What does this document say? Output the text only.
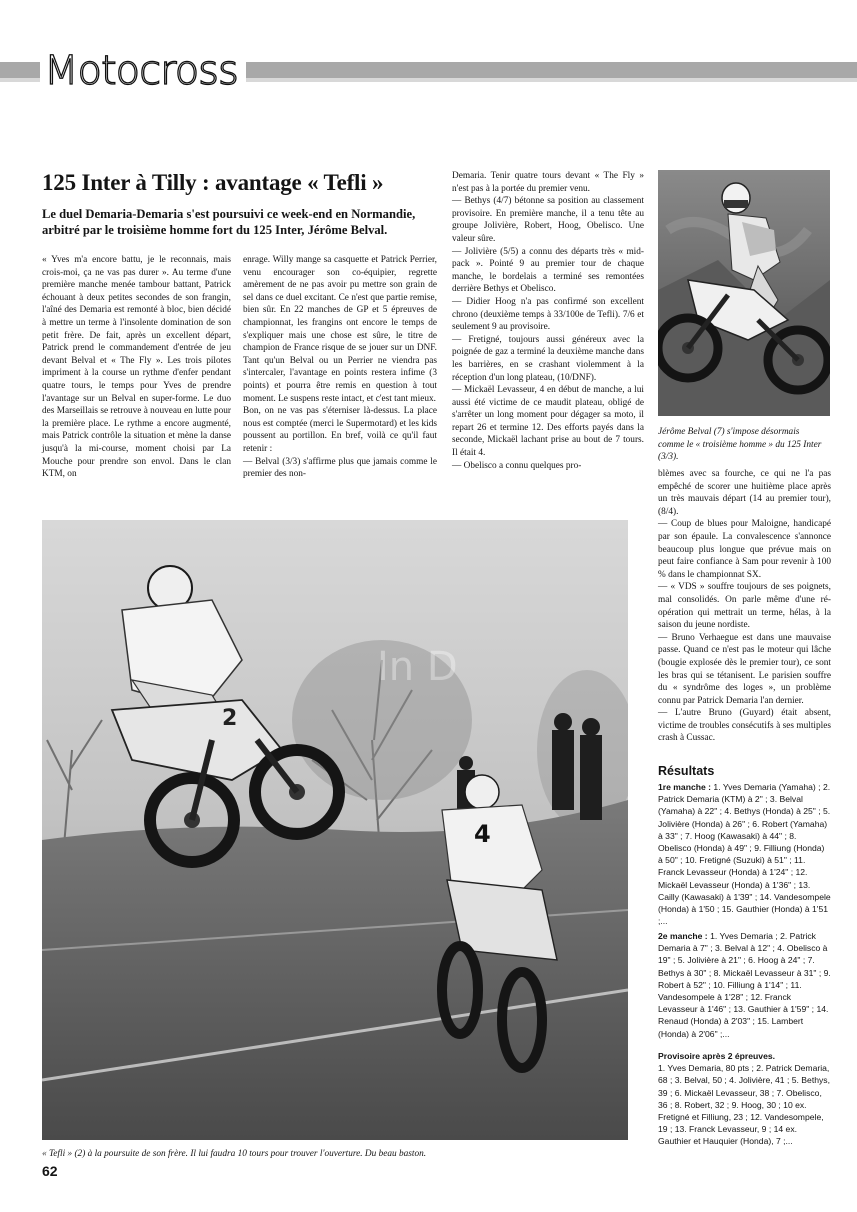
Motocross
125 Inter à Tilly : avantage « Tefli »
Le duel Demaria-Demaria s'est poursuivi ce week-end en Normandie, arbitré par le troisième homme fort du 125 Inter, Jérôme Belval.

« Yves m'a encore battu, je le reconnais, mais crois-moi, ça ne vas pas durer ». Au terme d'une première manche menée tambour battant, Patrick échouant à deux petites secondes de son frangin, l'aîné des Demaria est remonté à bloc, bien décidé à mettre un terme à l'insolente domination de son petit frère. De fait, après un excellent départ, Patrick prend le commandement d'entrée de jeu devant Belval et « The Fly ». Les trois pilotes impriment à la course un rythme d'enfer pendant quatre tours, le temps pour Yves de prendre l'avantage sur un Belval en super-forme. Le duo des Marseillais se retrouve à nouveau en lutte pour la première place. Le rythme a encore augmenté, mais Patrick contrôle la situation et mène la danse jusqu'à la mi-course, moment choisi par La Mouche pour prendre son envol. Dans le clan KTM, on

enrage. Willy mange sa casquette et Patrick Perrier, venu encourager son co-équipier, regrette amèrement de ne pas avoir pu mettre son grain de sel dans ce duel excitant. Ce n'est que partie remise, bien sûr. En 22 manches de GP et 5 épreuves de championnat, les frangins ont encore le temps de s'expliquer mais une chose est sûre, le titre de champion de France risque de se jouer sur un DNF. Tant qu'un Belval ou un Perrier ne viendra pas s'intercaler, l'avantage en points restera infime (3 points) et pourra être remis en question à tout moment. Le suspens reste intact, et c'est tant mieux.

Bon, on ne vas pas s'éterniser là-dessus. La place nous est comptée (merci le Supermotard) et les kids poussent au portillon. En bref, voilà ce qu'il faut retenir :

— Belval (3/3) s'affirme plus que jamais comme le premier des non-

Demaria. Tenir quatre tours devant « The Fly » n'est pas à la portée du premier venu.

— Bethys (4/7) bétonne sa position au classement provisoire. En première manche, il a tenu tête au groupe Jolivière, Robert, Hoog, Obelisco. Une valeur sûre.

— Jolivière (5/5) a connu des départs très « mid-pack ». Pointé 9 au premier tour de chaque manche, le bordelais a terminé ses remontées derrière Bethys et Obelisco.

— Didier Hoog n'a pas confirmé son excellent chrono (deuxième temps à 33/100e de Tefli). 7/6 et seulement 9 au provisoire.

— Fretigné, toujours aussi généreux avec la poignée de gaz a terminé la deuxième manche dans les barrières, en se crashant violemment à la réception d'un long plateau, (10/DNF).

— Mickaël Levasseur, 4 en début de manche, a lui aussi été victime de ce maudit plateau, obligé de s'arrêter un long moment pour dégager sa moto, il repart 26 et termine 12. Des efforts payés dans la seconde, Mickaël lachant prise au bout de 7 tours. Il était 4.

— Obelisco a connu quelques pro-

Jérôme Belval (7) s'impose désormais comme le « troisième homme » du 125 Inter (3/3).

blèmes avec sa fourche, ce qui ne l'a pas empêché de scorer une huitième place après un très mauvais départ (14 au premier tour), (8/4).

— Coup de blues pour Maloigne, handicapé par son épaule. La convalescence s'annonce beaucoup plus longue que prévue mais on peut faire confiance à Sam pour revenir à 100 % dans le championnat SX.

— « VDS » souffre toujours de ses poignets, mal consolidés. On parle même d'une ré-opération qui mettrait un terme, hélas, à la saison du jeune nordiste.

— Bruno Verhaegue est dans une mauvaise passe. Quand ce n'est pas le moteur qui lâche (bougie explosée dès le premier tour), ce sont les bras qui se tétanisent. Le parisien souffre du « syndrôme des loges », un problème connu par Patrick Demaria l'an dernier.

— L'autre Bruno (Guyard) était absent, victime de troubles consécutifs à ses multiples crash à Cussac.

Résultats
1re manche : 1. Yves Demaria (Yamaha) ; 2. Patrick Demaria (KTM) à 2" ; 3. Belval (Yamaha) à 22" ; 4. Bethys (Honda) à 25" ; 5. Jolivière (Honda) à 26" ; 6. Robert (Yamaha) à 33" ; 7. Hoog (Kawasaki) à 44" ; 8. Obelisco (Honda) à 49" ; 9. Filliung (Honda) à 50" ; 10. Fretigné (Suzuki) à 51" ; 11. Franck Levasseur (Honda) à 1'24" ; 12. Mickaël Levasseur (Honda) à 1'36" ; 13. Cailly (Kawasaki) à 1'39" ; 14. Vandesompele (Honda) à 1'50 ; 15. Gauthier (Honda) à 1'51 ;...
2e manche : 1. Yves Demaria ; 2. Patrick Demaria à 7" ; 3. Belval à 12" ; 4. Obelisco à 19" ; 5. Jolivière à 21" ; 6. Hoog à 24" ; 7. Bethys à 30" ; 8. Mickaël Levasseur à 31" ; 9. Robert à 52" ; 10. Filliung à 1'14" ; 11. Vandesompele à 1'28" ; 12. Franck Levasseur à 1'46" ; 13. Gauthier à 1'59" ; 14. Renaud (Honda) à 2'03" ; 15. Lambert (Honda) à 2'06" ;...
Provisoire après 2 épreuves.
1. Yves Demaria, 80 pts ; 2. Patrick Demaria, 68 ; 3. Belval, 50 ; 4. Jolivière, 41 ; 5. Bethys, 39 ; 6. Mickaël Levasseur, 38 ; 7. Obelisco, 36 ; 8. Robert, 32 ; 9. Hoog, 30 ; 10 ex. Fretigné et Filliung, 23 ; 12. Vandesompele, 19 ; 13. Franck Levasseur, 9 ; 14 ex. Gauthier et Hauquier (Honda), 7 ;...
2
4
In D
« Tefli » (2) à la poursuite de son frère. Il lui faudra 10 tours pour trouver l'ouverture. Du beau baston.
62
